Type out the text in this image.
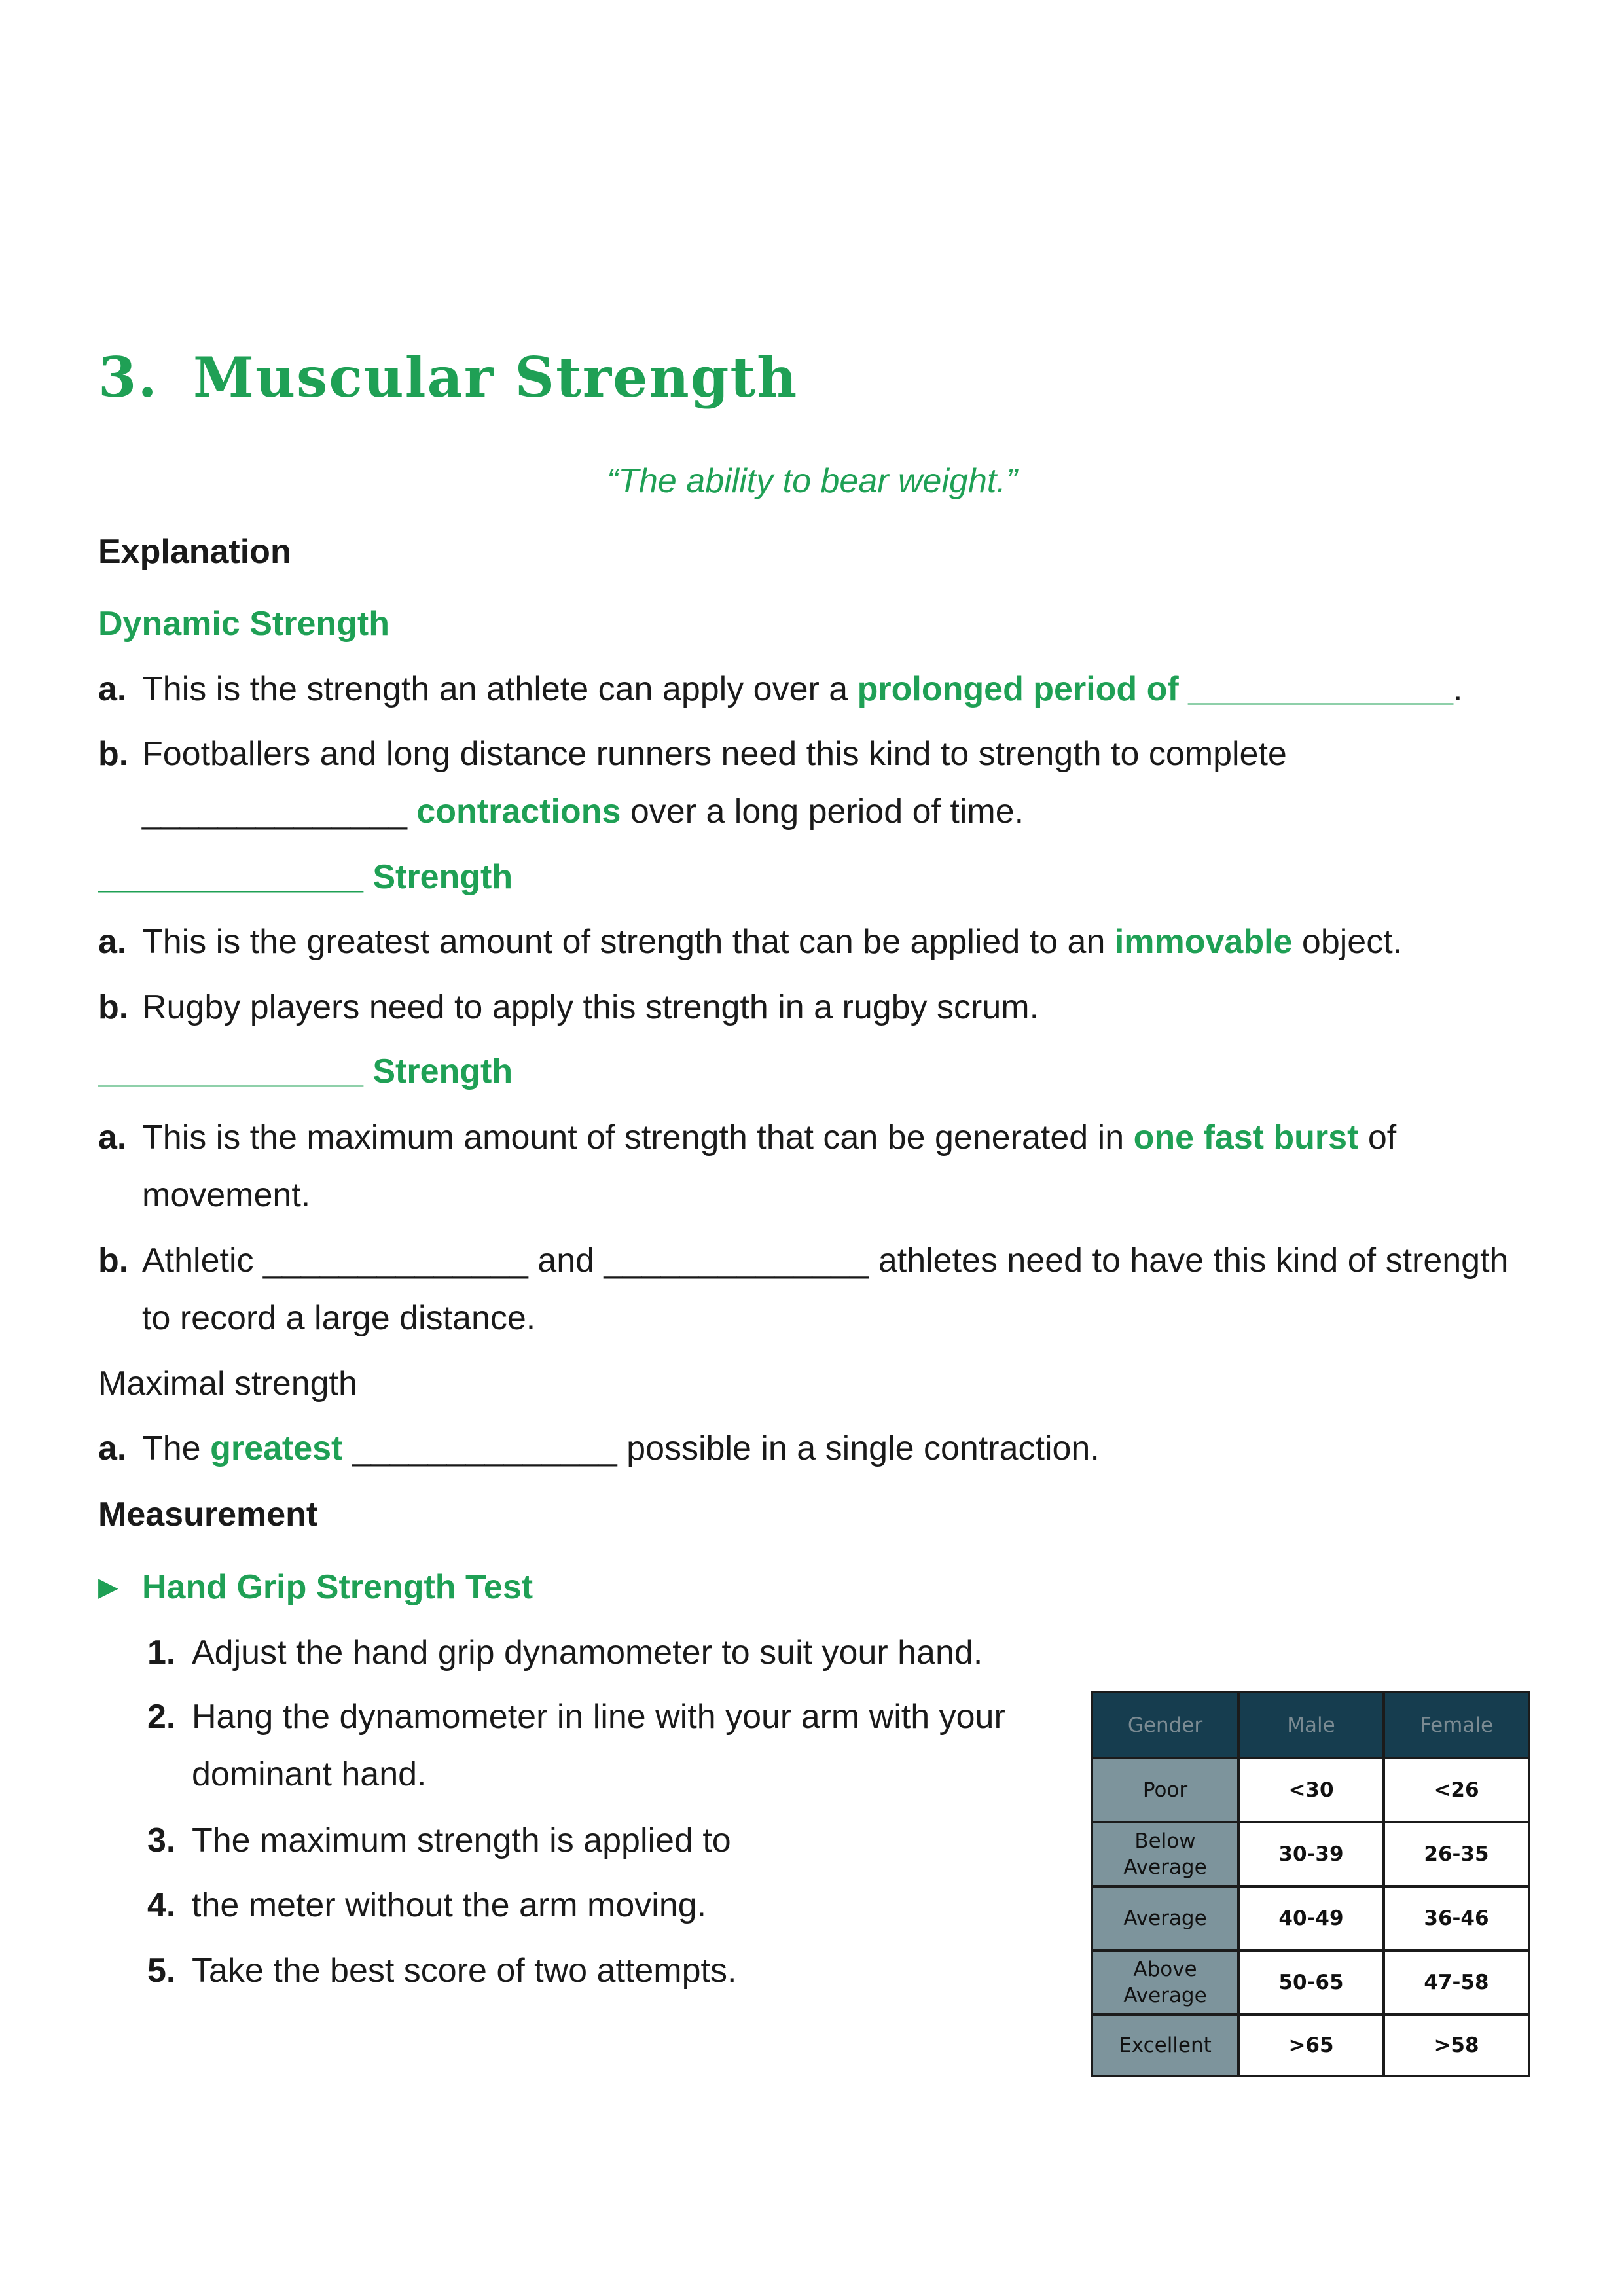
3. Muscular Strength
“The ability to bear weight.”
Explanation
Dynamic Strength
a. This is the strength an athlete can apply over a prolonged period of ______________.
b. Footballers and long distance runners need this kind to strength to complete
______________ contractions over a long period of time.
______________ Strength
a. This is the greatest amount of strength that can be applied to an immovable object.
b. Rugby players need to apply this strength in a rugby scrum.
______________ Strength
a. This is the maximum amount of strength that can be generated in one fast burst of
movement.
b. Athletic ______________ and ______________ athletes need to have this kind of strength
to record a large distance.
Maximal strength
a. The greatest ______________ possible in a single contraction.
Measurement
▶ Hand Grip Strength Test
1. Adjust the hand grip dynamometer to suit your hand.
2. Hang the dynamometer in line with your arm with your
dominant hand.
3. The maximum strength is applied to
4. the meter without the arm moving.
5. Take the best score of two attempts.
Gender	Male	Female
Poor	<30	<26
Below
Average	30-39	26-35
Average	40-49	36-46
Above
Average	50-65	47-58
Excellent	>65	>58
